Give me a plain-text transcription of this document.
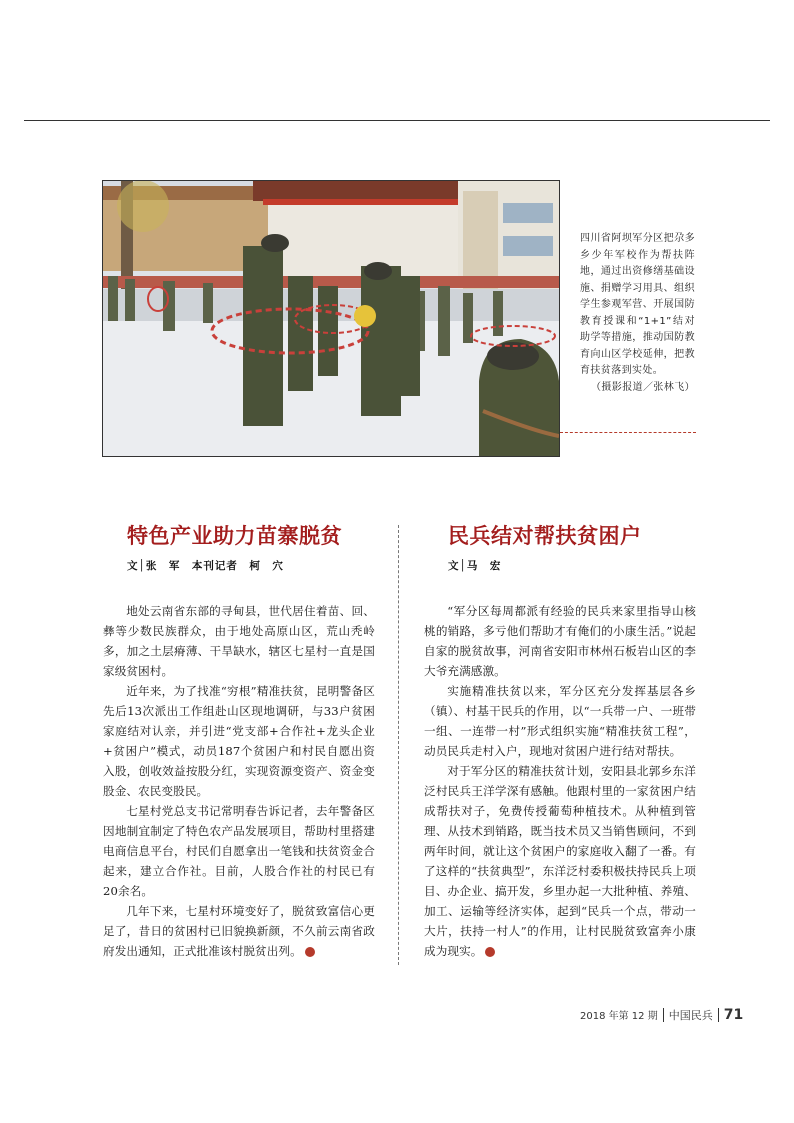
四川省阿坝军分区把尕多乡少年军校作为帮扶阵地，通过出资修缮基础设施、捐赠学习用具、组织学生参观军营、开展国防教育授课和“1+1”结对助学等措施，推动国防教育向山区学校延伸，把教育扶贫落到实处。
（摄影报道／张林飞）
特色产业助力苗寨脱贫
文│张　军　本刊记者　柯　穴

地处云南省东部的寻甸县，世代居住着苗、回、彝等少数民族群众，由于地处高原山区，荒山秃岭多，加之土层瘠薄、干旱缺水，辖区七星村一直是国家级贫困村。

近年来，为了找准“穷根”精准扶贫，昆明警备区先后13次派出工作组赴山区现地调研，与33户贫困家庭结对认亲，并引进“党支部+合作社+龙头企业+贫困户”模式，动员187个贫困户和村民自愿出资入股，创收效益按股分红，实现资源变资产、资金变股金、农民变股民。

七星村党总支书记常明春告诉记者，去年警备区因地制宜制定了特色农产品发展项目，帮助村里搭建电商信息平台，村民们自愿拿出一笔钱和扶贫资金合起来，建立合作社。目前，人股合作社的村民已有20余名。

几年下来，七星村环境变好了，脱贫致富信心更足了，昔日的贫困村已旧貌换新颜，不久前云南省政府发出通知，正式批准该村脱贫出列。

民兵结对帮扶贫困户
文│马　宏

“军分区每周都派有经验的民兵来家里指导山核桃的销路，多亏他们帮助才有俺们的小康生活。”说起自家的脱贫故事，河南省安阳市林州石板岩山区的李大爷充满感激。

实施精准扶贫以来，军分区充分发挥基层各乡（镇）、村基干民兵的作用，以“一兵带一户、一班带一组、一连带一村”形式组织实施“精准扶贫工程”，动员民兵走村入户，现地对贫困户进行结对帮扶。

对于军分区的精准扶贫计划，安阳县北郭乡东洋泛村民兵王洋学深有感触。他跟村里的一家贫困户结成帮扶对子，免费传授葡萄种植技术。从种植到管理、从技术到销路，既当技术员又当销售顾问，不到两年时间，就让这个贫困户的家庭收入翻了一番。有了这样的“扶贫典型”，东洋泛村委积极扶持民兵上项目、办企业、搞开发，乡里办起一大批种植、养殖、加工、运输等经济实体，起到“民兵一个点，带动一大片，扶持一村人”的作用，让村民脱贫致富奔小康成为现实。

2018 年第 12 期 中国民兵 71
